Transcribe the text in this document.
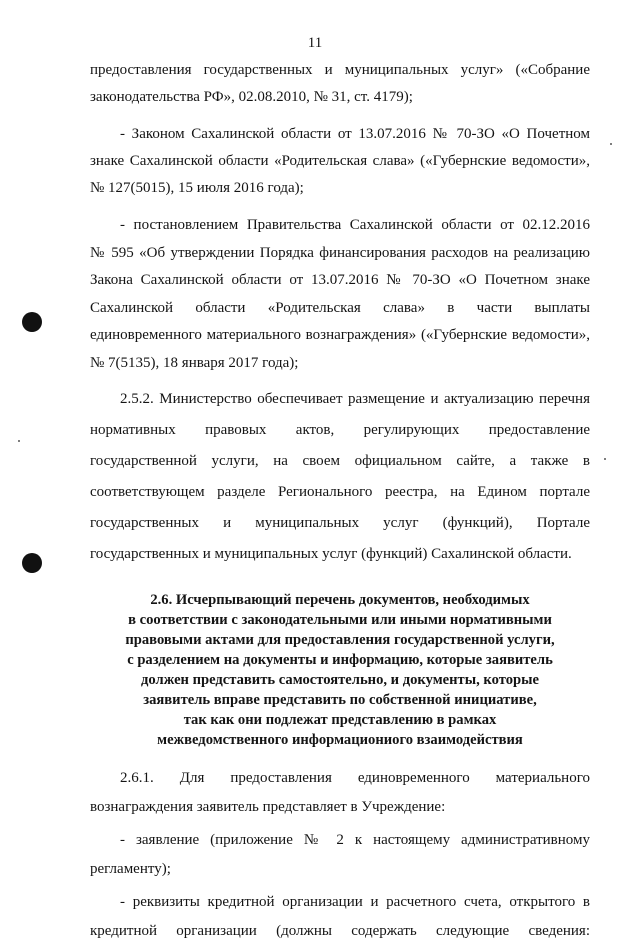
11
предоставления государственных и муниципальных услуг» («Собрание
законодательства РФ», 02.08.2010, № 31, ст. 4179);
- Законом Сахалинской области от 13.07.2016 № 70-ЗО «О Почетном
знаке Сахалинской области «Родительская слава» («Губернские ведомости»,
№ 127(5015), 15 июля 2016 года);
- постановлением Правительства Сахалинской области от 02.12.2016
№ 595 «Об утверждении Порядка финансирования расходов на реализацию
Закона Сахалинской области от 13.07.2016 № 70-ЗО «О Почетном знаке
Сахалинской области «Родительская слава» в части выплаты
единовременного материального вознаграждения» («Губернские ведомости»,
№ 7(5135), 18 января 2017 года);
2.5.2. Министерство обеспечивает размещение и актуализацию перечня
нормативных правовых актов, регулирующих предоставление
государственной услуги, на своем официальном сайте, а также в
соответствующем разделе Регионального реестра, на Едином портале
государственных и муниципальных услуг (функций), Портале
государственных и муниципальных услуг (функций) Сахалинской области.
2.6. Исчерпывающий перечень документов, необходимых
в соответствии с законодательными или иными нормативными
правовыми актами для предоставления государственной услуги,
с разделением на документы и информацию, которые заявитель
должен представить самостоятельно, и документы, которые
заявитель вправе представить по собственной инициативе,
так как они подлежат представлению в рамках
межведомственного информациониого взаимодействия
2.6.1. Для предоставления единовременного материального
вознаграждения заявитель представляет в Учреждение:
- заявление (приложение № 2 к настоящему административному
регламенту);
- реквизиты кредитной организации и расчетного счета, открытого в
кредитной организации (должны содержать следующие сведения:
